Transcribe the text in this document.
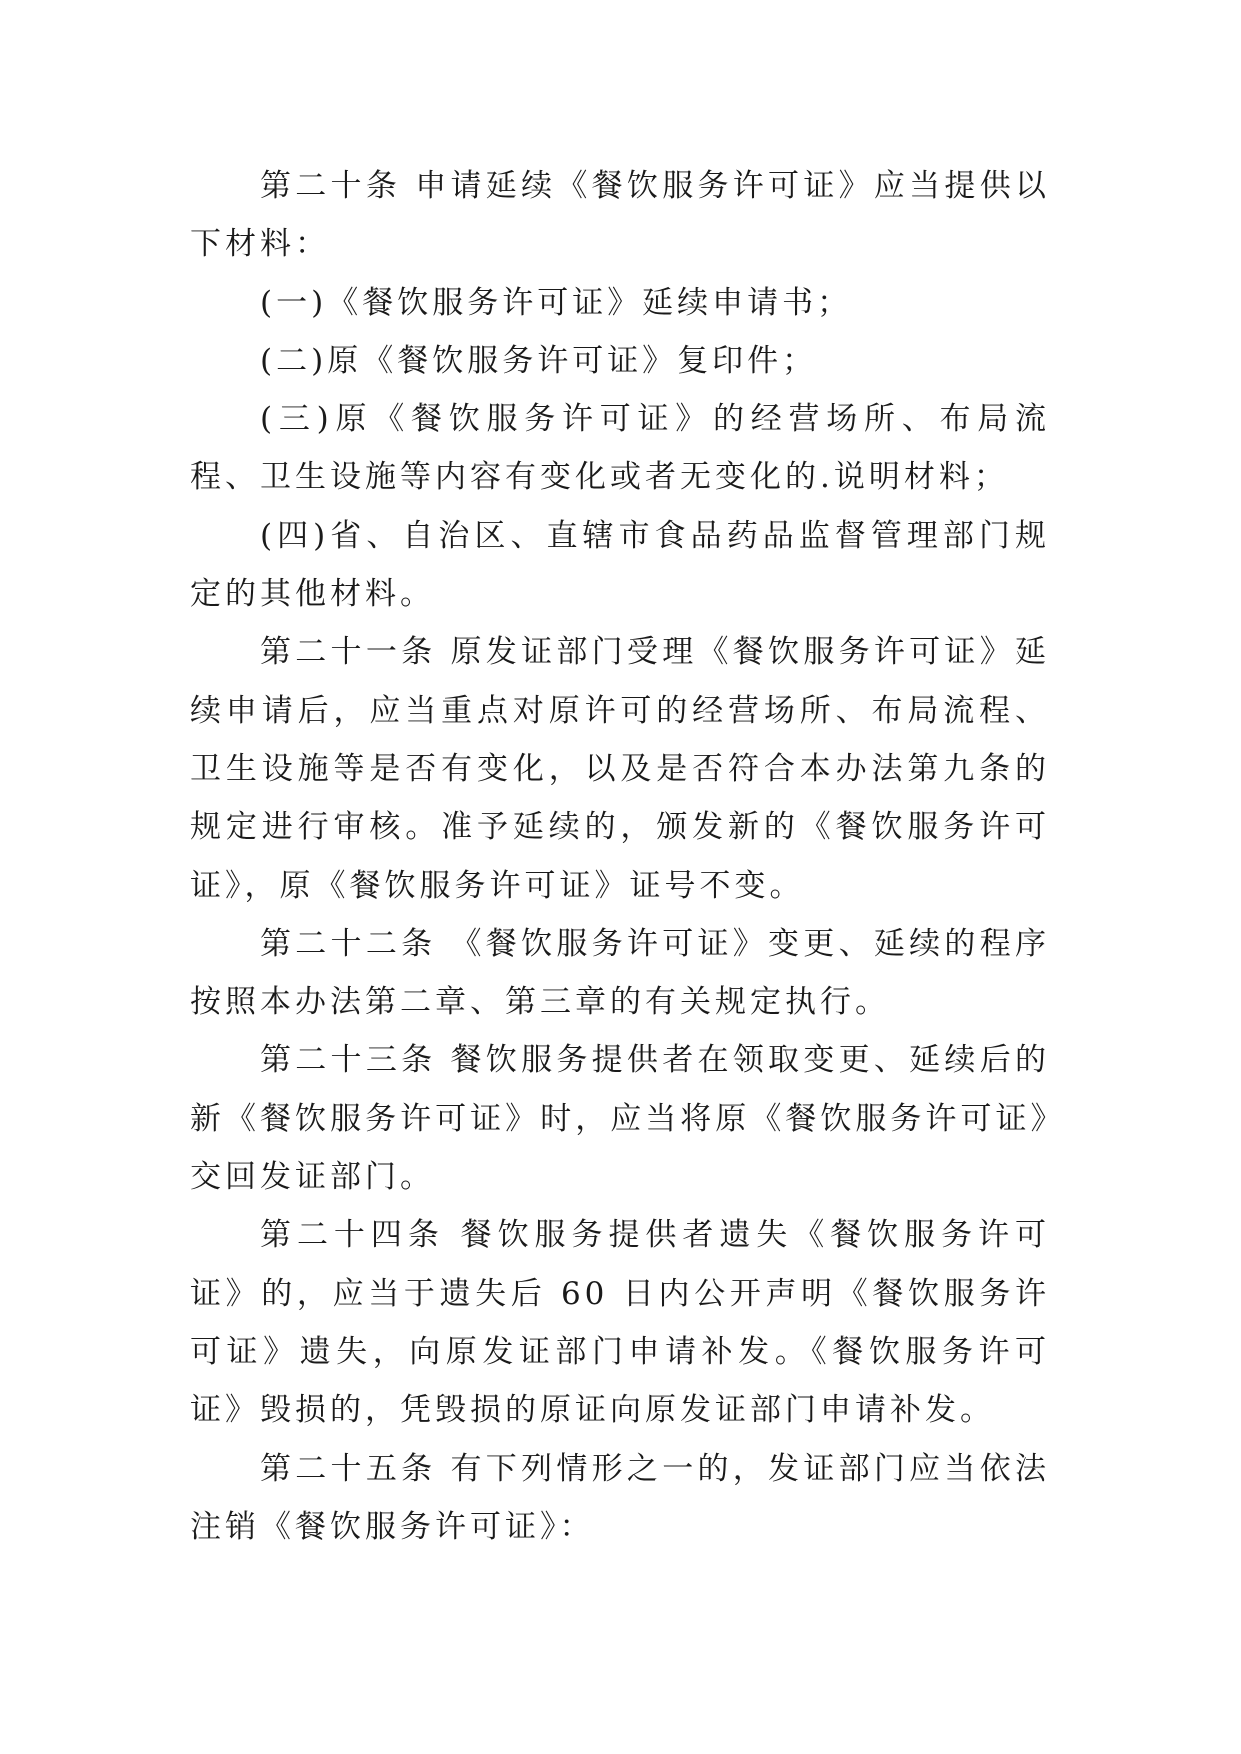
第二十条 申请延续《餐饮服务许可证》应当提供以下材料：

(一)《餐饮服务许可证》延续申请书；

(二)原《餐饮服务许可证》复印件；

(三)原《餐饮服务许可证》的经营场所、布局流程、卫生设施等内容有变化或者无变化的.说明材料；

(四)省、自治区、直辖市食品药品监督管理部门规定的其他材料。

第二十一条 原发证部门受理《餐饮服务许可证》延续申请后，应当重点对原许可的经营场所、布局流程、卫生设施等是否有变化，以及是否符合本办法第九条的规定进行审核。准予延续的，颁发新的《餐饮服务许可证》，原《餐饮服务许可证》证号不变。

第二十二条 《餐饮服务许可证》变更、延续的程序按照本办法第二章、第三章的有关规定执行。

第二十三条 餐饮服务提供者在领取变更、延续后的新《餐饮服务许可证》时，应当将原《餐饮服务许可证》交回发证部门。

第二十四条 餐饮服务提供者遗失《餐饮服务许可证》的，应当于遗失后 60 日内公开声明《餐饮服务许可证》遗失，向原发证部门申请补发。《餐饮服务许可证》毁损的，凭毁损的原证向原发证部门申请补发。

第二十五条 有下列情形之一的，发证部门应当依法注销《餐饮服务许可证》：
